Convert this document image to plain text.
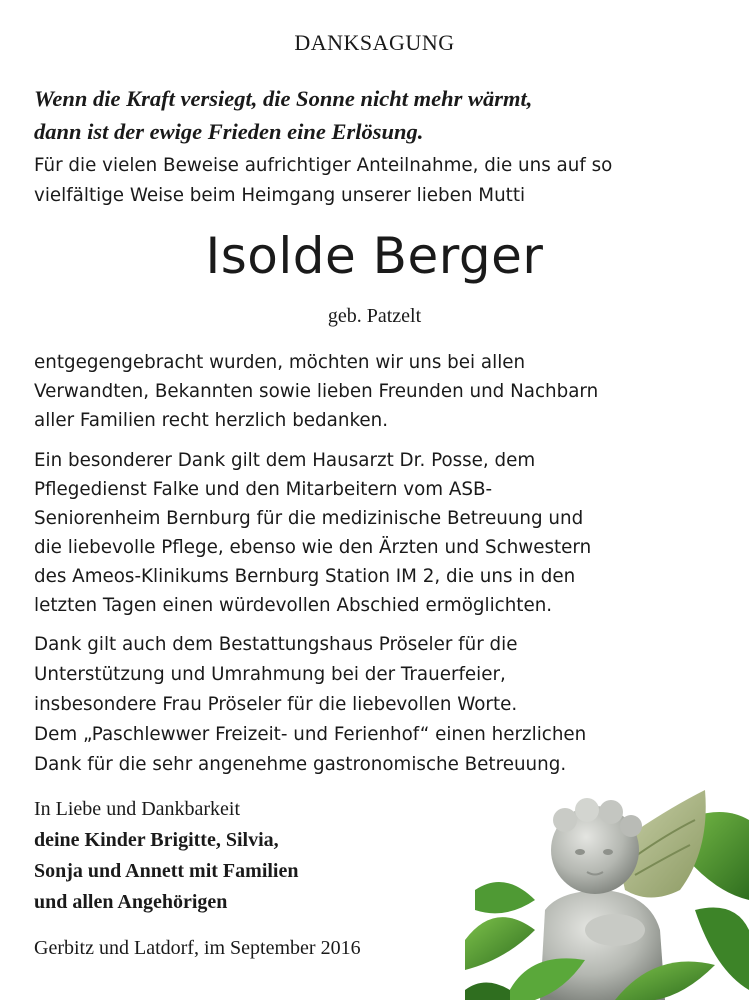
DANKSAGUNG
Wenn die Kraft versiegt, die Sonne nicht mehr wärmt,
dann ist der ewige Frieden eine Erlösung.
Für die vielen Beweise aufrichtiger Anteilnahme, die uns auf so
vielfältige Weise beim Heimgang unserer lieben Mutti
Isolde Berger
geb. Patzelt
entgegengebracht wurden, möchten wir uns bei allen
Verwandten, Bekannten sowie lieben Freunden und Nachbarn
aller Familien recht herzlich bedanken.
Ein besonderer Dank gilt dem Hausarzt Dr. Posse, dem
Pflegedienst Falke und den Mitarbeitern vom ASB-
Seniorenheim Bernburg für die medizinische Betreuung und
die liebevolle Pflege, ebenso wie den Ärzten und Schwestern
des Ameos-Klinikums Bernburg Station IM 2, die uns in den
letzten Tagen einen würdevollen Abschied ermöglichten.
Dank gilt auch dem Bestattungshaus Pröseler für die
Unterstützung und Umrahmung bei der Trauerfeier,
insbesondere Frau Pröseler für die liebevollen Worte.
Dem „Paschlewwer Freizeit- und Ferienhof“ einen herzlichen
Dank für die sehr angenehme gastronomische Betreuung.
In Liebe und Dankbarkeit
deine Kinder Brigitte, Silvia,
Sonja und Annett mit Familien
und allen Angehörigen
Gerbitz und Latdorf, im September 2016
